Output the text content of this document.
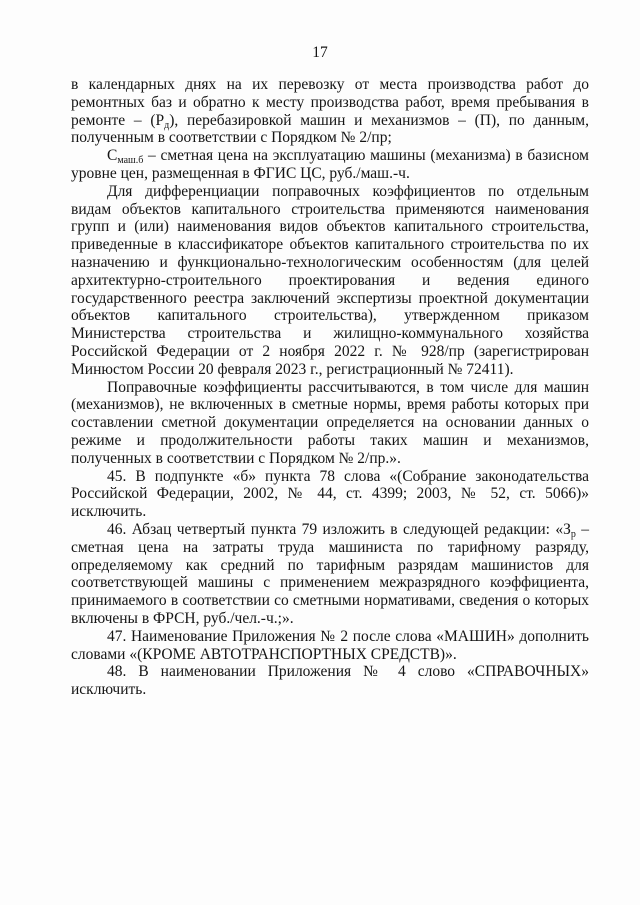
17

в календарных днях на их перевозку от места производства работ до ремонтных баз и обратно к месту производства работ, время пребывания в ремонте – $(Р_д)$, перебазировкой машин и механизмов – (П), по данным, полученным в соответствии с Порядком № 2/пр;

$С_{маш.б}$ – сметная цена на эксплуатацию машины (механизма) в базисном уровне цен, размещенная в ФГИС ЦС, руб./маш.-ч.

Для дифференциации поправочных коэффициентов по отдельным видам объектов капитального строительства применяются наименования групп и (или) наименования видов объектов капитального строительства, приведенные в классификаторе объектов капитального строительства по их назначению и функционально-технологическим особенностям (для целей архитектурно-строительного проектирования и ведения единого государственного реестра заключений экспертизы проектной документации объектов капитального строительства), утвержденном приказом Министерства строительства и жилищно-коммунального хозяйства Российской Федерации от 2 ноября 2022 г. № 928/пр (зарегистрирован Минюстом России 20 февраля 2023 г., регистрационный № 72411).

Поправочные коэффициенты рассчитываются, в том числе для машин (механизмов), не включенных в сметные нормы, время работы которых при составлении сметной документации определяется на основании данных о режиме и продолжительности работы таких машин и механизмов, полученных в соответствии с Порядком № 2/пр.».

45. В подпункте «б» пункта 78 слова «(Собрание законодательства Российской Федерации, 2002, № 44, ст. 4399; 2003, № 52, ст. 5066)» исключить.

46. Абзац четвертый пункта 79 изложить в следующей редакции: «$З_р$ – сметная цена на затраты труда машиниста по тарифному разряду, определяемому как средний по тарифным разрядам машинистов для соответствующей машины с применением межразрядного коэффициента, принимаемого в соответствии со сметными нормативами, сведения о которых включены в ФРСН, руб./чел.-ч.;».

47. Наименование Приложения № 2 после слова «МАШИН» дополнить словами «(КРОМЕ АВТОТРАНСПОРТНЫХ СРЕДСТВ)».

48. В наименовании Приложения № 4 слово «СПРАВОЧНЫХ» исключить.
